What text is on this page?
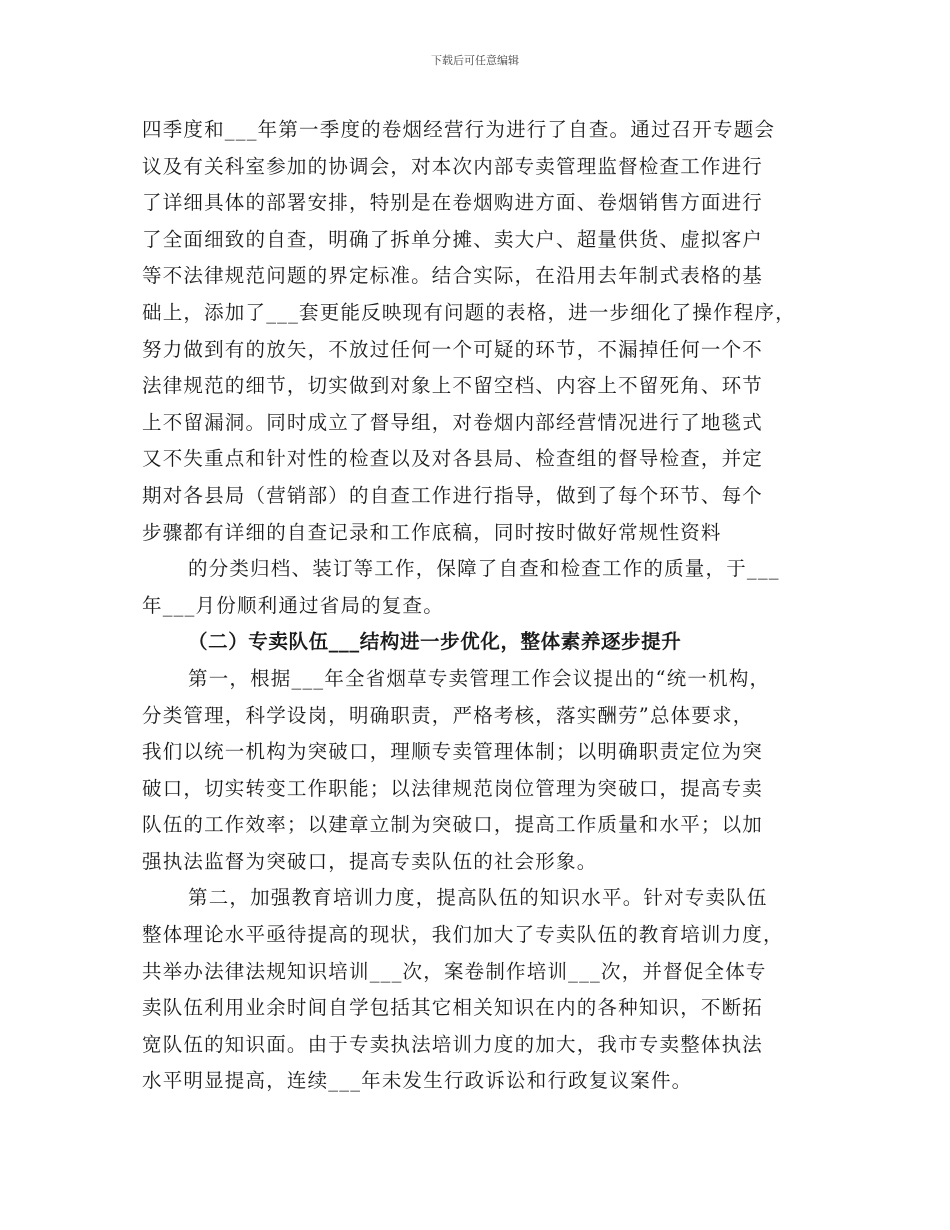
下载后可任意编辑
四季度和___年第一季度的卷烟经营行为进行了自查。通过召开专题会
议及有关科室参加的协调会，对本次内部专卖管理监督检查工作进行
了详细具体的部署安排，特别是在卷烟购进方面、卷烟销售方面进行
了全面细致的自查，明确了拆单分摊、卖大户、超量供货、虚拟客户
等不法律规范问题的界定标准。结合实际，在沿用去年制式表格的基
础上，添加了___套更能反映现有问题的表格，进一步细化了操作程序，
努力做到有的放矢，不放过任何一个可疑的环节，不漏掉任何一个不
法律规范的细节，切实做到对象上不留空档、内容上不留死角、环节
上不留漏洞。同时成立了督导组，对卷烟内部经营情况进行了地毯式
又不失重点和针对性的检查以及对各县局、检查组的督导检查，并定
期对各县局（营销部）的自查工作进行指导，做到了每个环节、每个
步骤都有详细的自查记录和工作底稿，同时按时做好常规性资料
的分类归档、装订等工作，保障了自查和检查工作的质量，于___
年___月份顺利通过省局的复查。
（二）专卖队伍___结构进一步优化，整体素养逐步提升
第一，根据___年全省烟草专卖管理工作会议提出的“统一机构，
分类管理，科学设岗，明确职责，严格考核，落实酬劳”总体要求，
我们以统一机构为突破口，理顺专卖管理体制；以明确职责定位为突
破口，切实转变工作职能；以法律规范岗位管理为突破口，提高专卖
队伍的工作效率；以建章立制为突破口，提高工作质量和水平；以加
强执法监督为突破口，提高专卖队伍的社会形象。
第二，加强教育培训力度，提高队伍的知识水平。针对专卖队伍
整体理论水平亟待提高的现状，我们加大了专卖队伍的教育培训力度，
共举办法律法规知识培训___次，案卷制作培训___次，并督促全体专
卖队伍利用业余时间自学包括其它相关知识在内的各种知识，不断拓
宽队伍的知识面。由于专卖执法培训力度的加大，我市专卖整体执法
水平明显提高，连续___年未发生行政诉讼和行政复议案件。
